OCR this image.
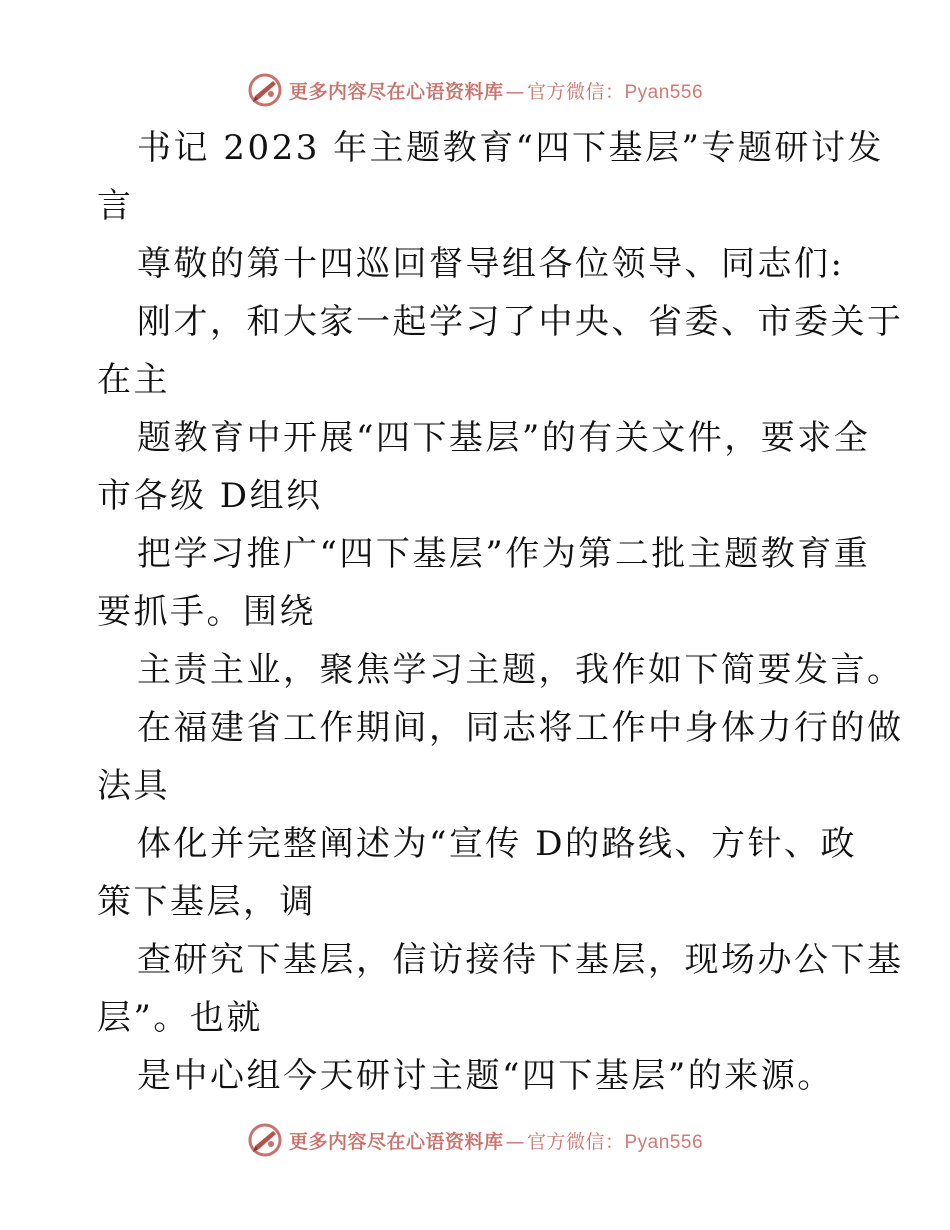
更多内容尽在心语资料库 — 官方微信：Pyan556
书记 2023 年主题教育“四下基层”专题研讨发
言
尊敬的第十四巡回督导组各位领导、同志们:
刚才，和大家一起学习了中央、省委、市委关于
在主
题教育中开展“四下基层”的有关文件，要求全
市各级 D组织
把学习推广“四下基层”作为第二批主题教育重
要抓手。围绕
主责主业，聚焦学习主题，我作如下简要发言。
在福建省工作期间，同志将工作中身体力行的做
法具
体化并完整阐述为“宣传 D的路线、方针、政
策下基层，调
查研究下基层，信访接待下基层，现场办公下基
层”。也就
是中心组今天研讨主题“四下基层”的来源。
更多内容尽在心语资料库 — 官方微信：Pyan556
